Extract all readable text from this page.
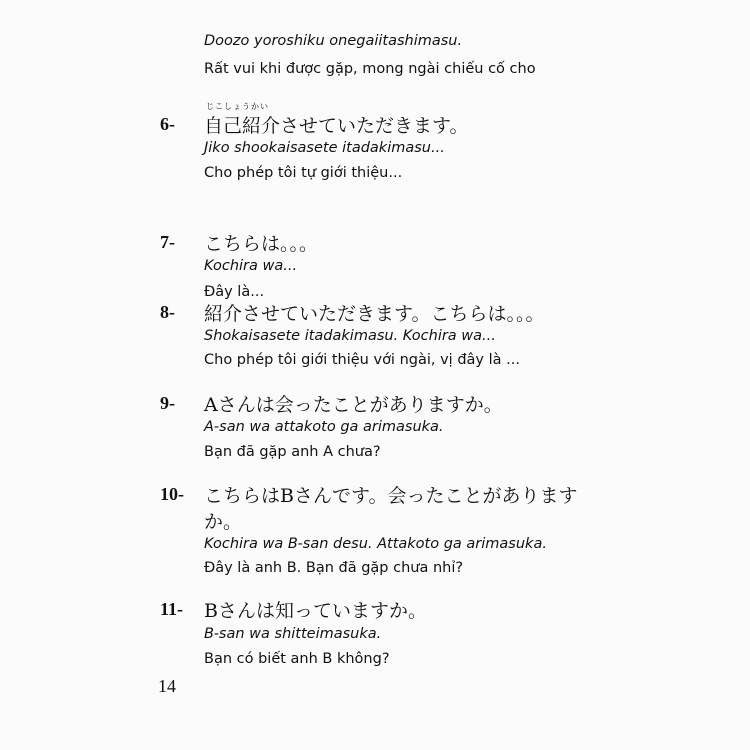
Doozo yoroshiku onegaiitashimasu.
Rất vui khi được gặp, mong ngài chiếu cố cho
6-
じこしょうかい
自己紹介させていただきます。
Jiko shookaisasete itadakimasu...
Cho phép tôi tự giới thiệu...
7- こちらは。。。
Kochira wa...
Đây là...
8- 紹介させていただきます。こちらは。。。
Shokaisasete itadakimasu. Kochira wa...
Cho phép tôi giới thiệu với ngài, vị đây là ...
9- Aさんは会ったことがありますか。
A-san wa attakoto ga arimasuka.
Bạn đã gặp anh A chưa?
10- こちらはBさんです。会ったことがあります
か。
Kochira wa B-san desu. Attakoto ga arimasuka.
Đây là anh B. Bạn đã gặp chưa nhỉ?
11- Bさんは知っていますか。
B-san wa shitteimasuka.
Bạn có biết anh B không?
14
